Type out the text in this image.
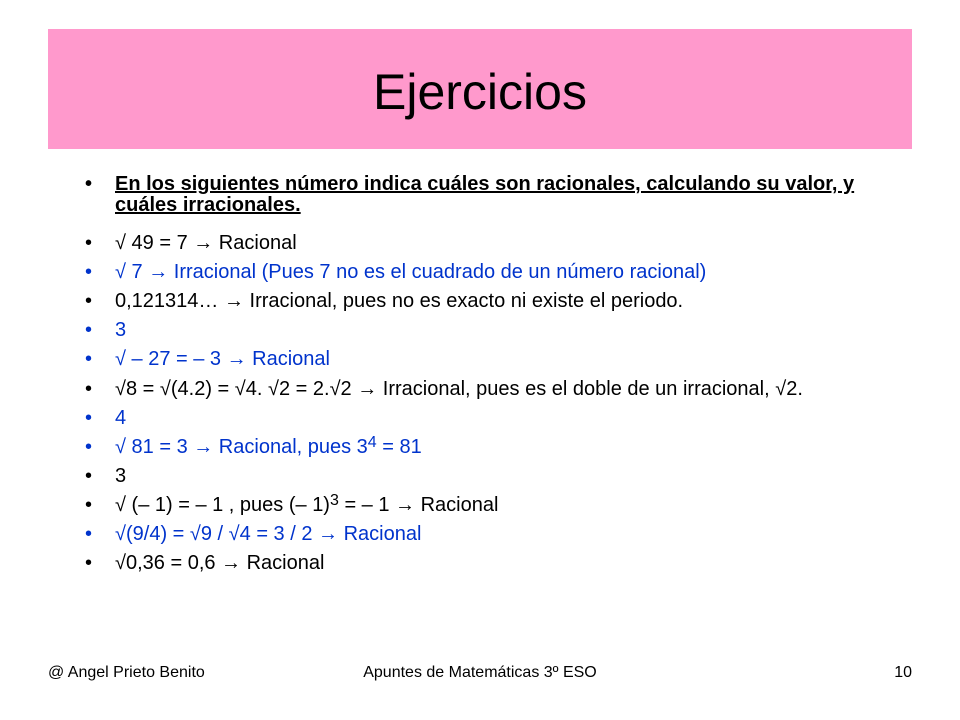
Ejercicios
• En los siguientes número indica cuáles son racionales, calculando su valor, y cuáles irracionales.
• √ 49 = 7 → Racional
• √ 7 → Irracional (Pues 7 no es el cuadrado de un número racional)
• 0,121314… → Irracional, pues no es exacto ni existe el periodo.
• 3
• √ – 27 = – 3 → Racional
• √8 = √(4.2) = √4. √2 = 2.√2 → Irracional, pues es el doble de un irracional, √2.
• 4
• √ 81 = 3 → Racional, pues $3^4 = 81$
• 3
• √ (– 1) = – 1 , pues (– 1)$^3$ = – 1 → Racional
• √(9/4) = √9 / √4 = 3 / 2 → Racional
• √0,36 = 0,6 → Racional
@ Angel Prieto Benito	Apuntes de Matemáticas 3º ESO	10
